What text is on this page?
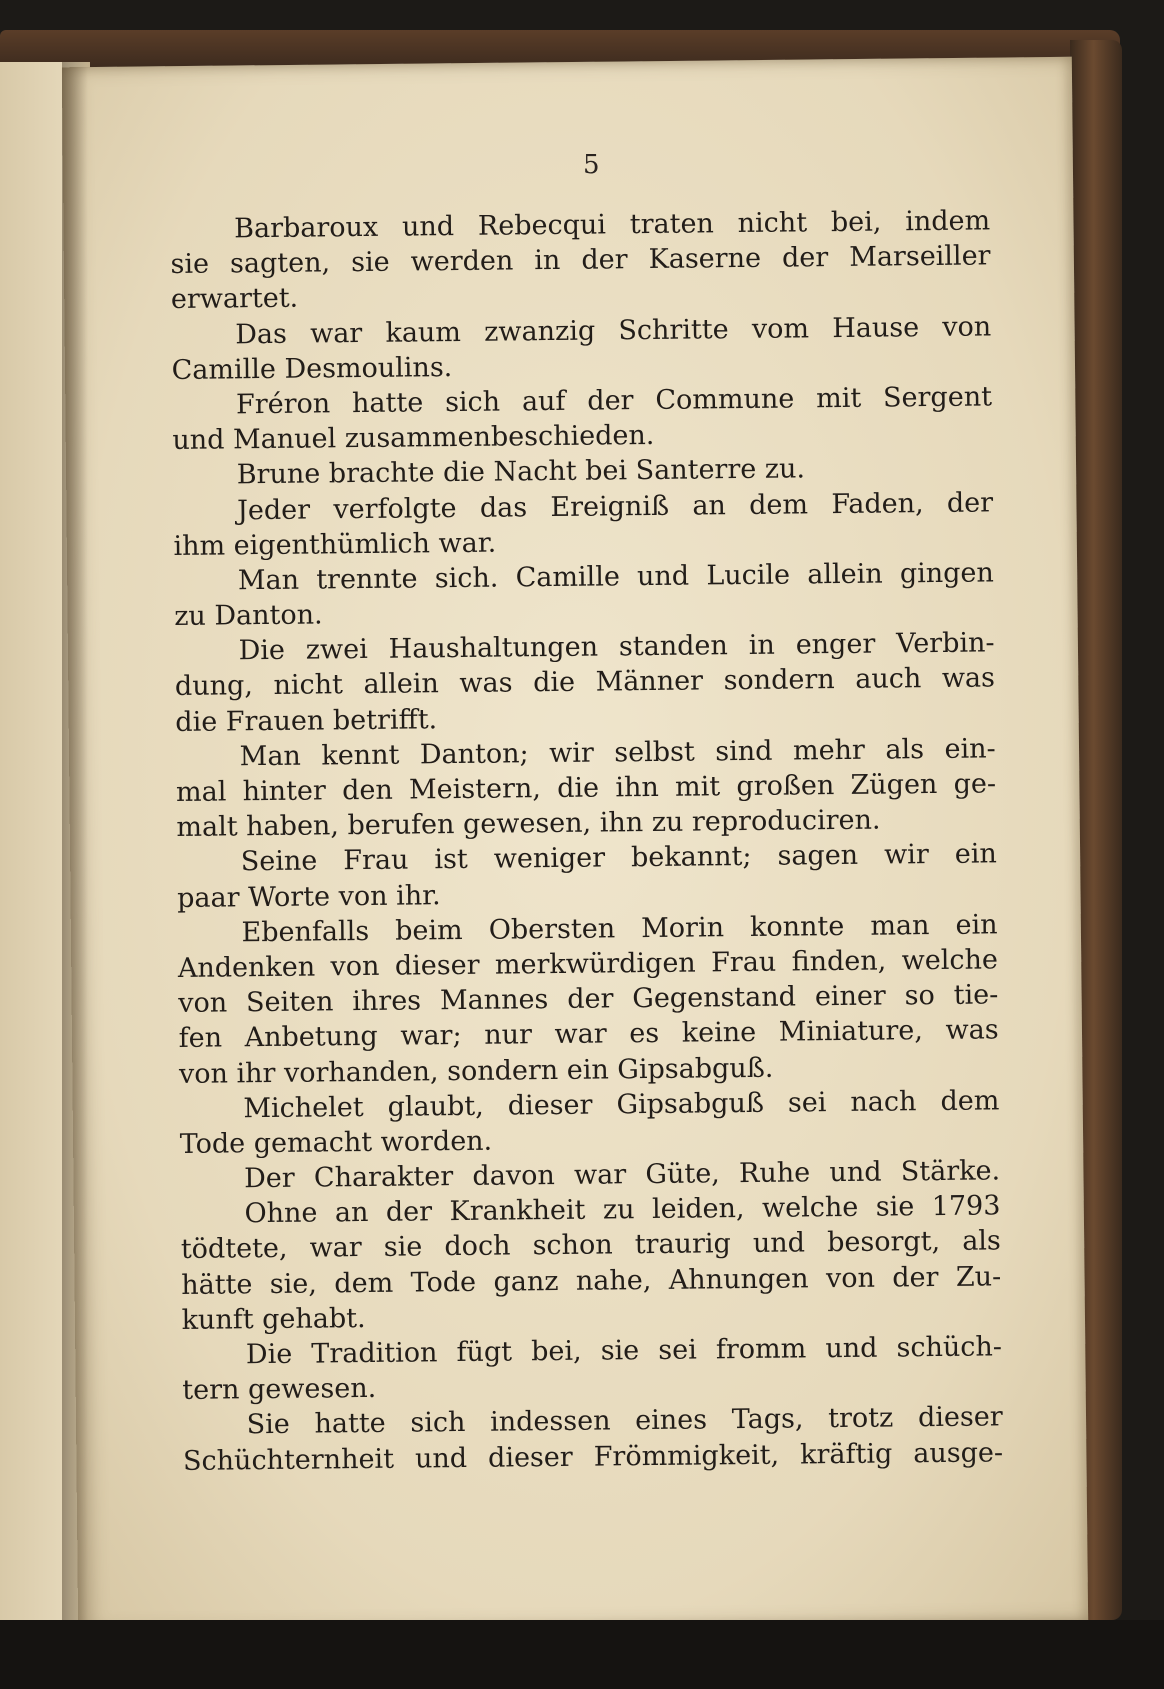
5
Barbaroux und Rebecqui traten nicht bei, indem
sie sagten, sie werden in der Kaserne der Marseiller
erwartet.
Das war kaum zwanzig Schritte vom Hause von
Camille Desmoulins.
Fréron hatte sich auf der Commune mit Sergent
und Manuel zusammenbeschieden.
Brune brachte die Nacht bei Santerre zu.
Jeder verfolgte das Ereigniß an dem Faden, der
ihm eigenthümlich war.
Man trennte sich. Camille und Lucile allein gingen
zu Danton.
Die zwei Haushaltungen standen in enger Verbin-
dung, nicht allein was die Männer sondern auch was
die Frauen betrifft.
Man kennt Danton; wir selbst sind mehr als ein-
mal hinter den Meistern, die ihn mit großen Zügen ge-
malt haben, berufen gewesen, ihn zu reproduciren.
Seine Frau ist weniger bekannt; sagen wir ein
paar Worte von ihr.
Ebenfalls beim Obersten Morin konnte man ein
Andenken von dieser merkwürdigen Frau finden, welche
von Seiten ihres Mannes der Gegenstand einer so tie-
fen Anbetung war; nur war es keine Miniature, was
von ihr vorhanden, sondern ein Gipsabguß.
Michelet glaubt, dieser Gipsabguß sei nach dem
Tode gemacht worden.
Der Charakter davon war Güte, Ruhe und Stärke.
Ohne an der Krankheit zu leiden, welche sie 1793
tödtete, war sie doch schon traurig und besorgt, als
hätte sie, dem Tode ganz nahe, Ahnungen von der Zu-
kunft gehabt.
Die Tradition fügt bei, sie sei fromm und schüch-
tern gewesen.
Sie hatte sich indessen eines Tags, trotz dieser
Schüchternheit und dieser Frömmigkeit, kräftig ausge-
